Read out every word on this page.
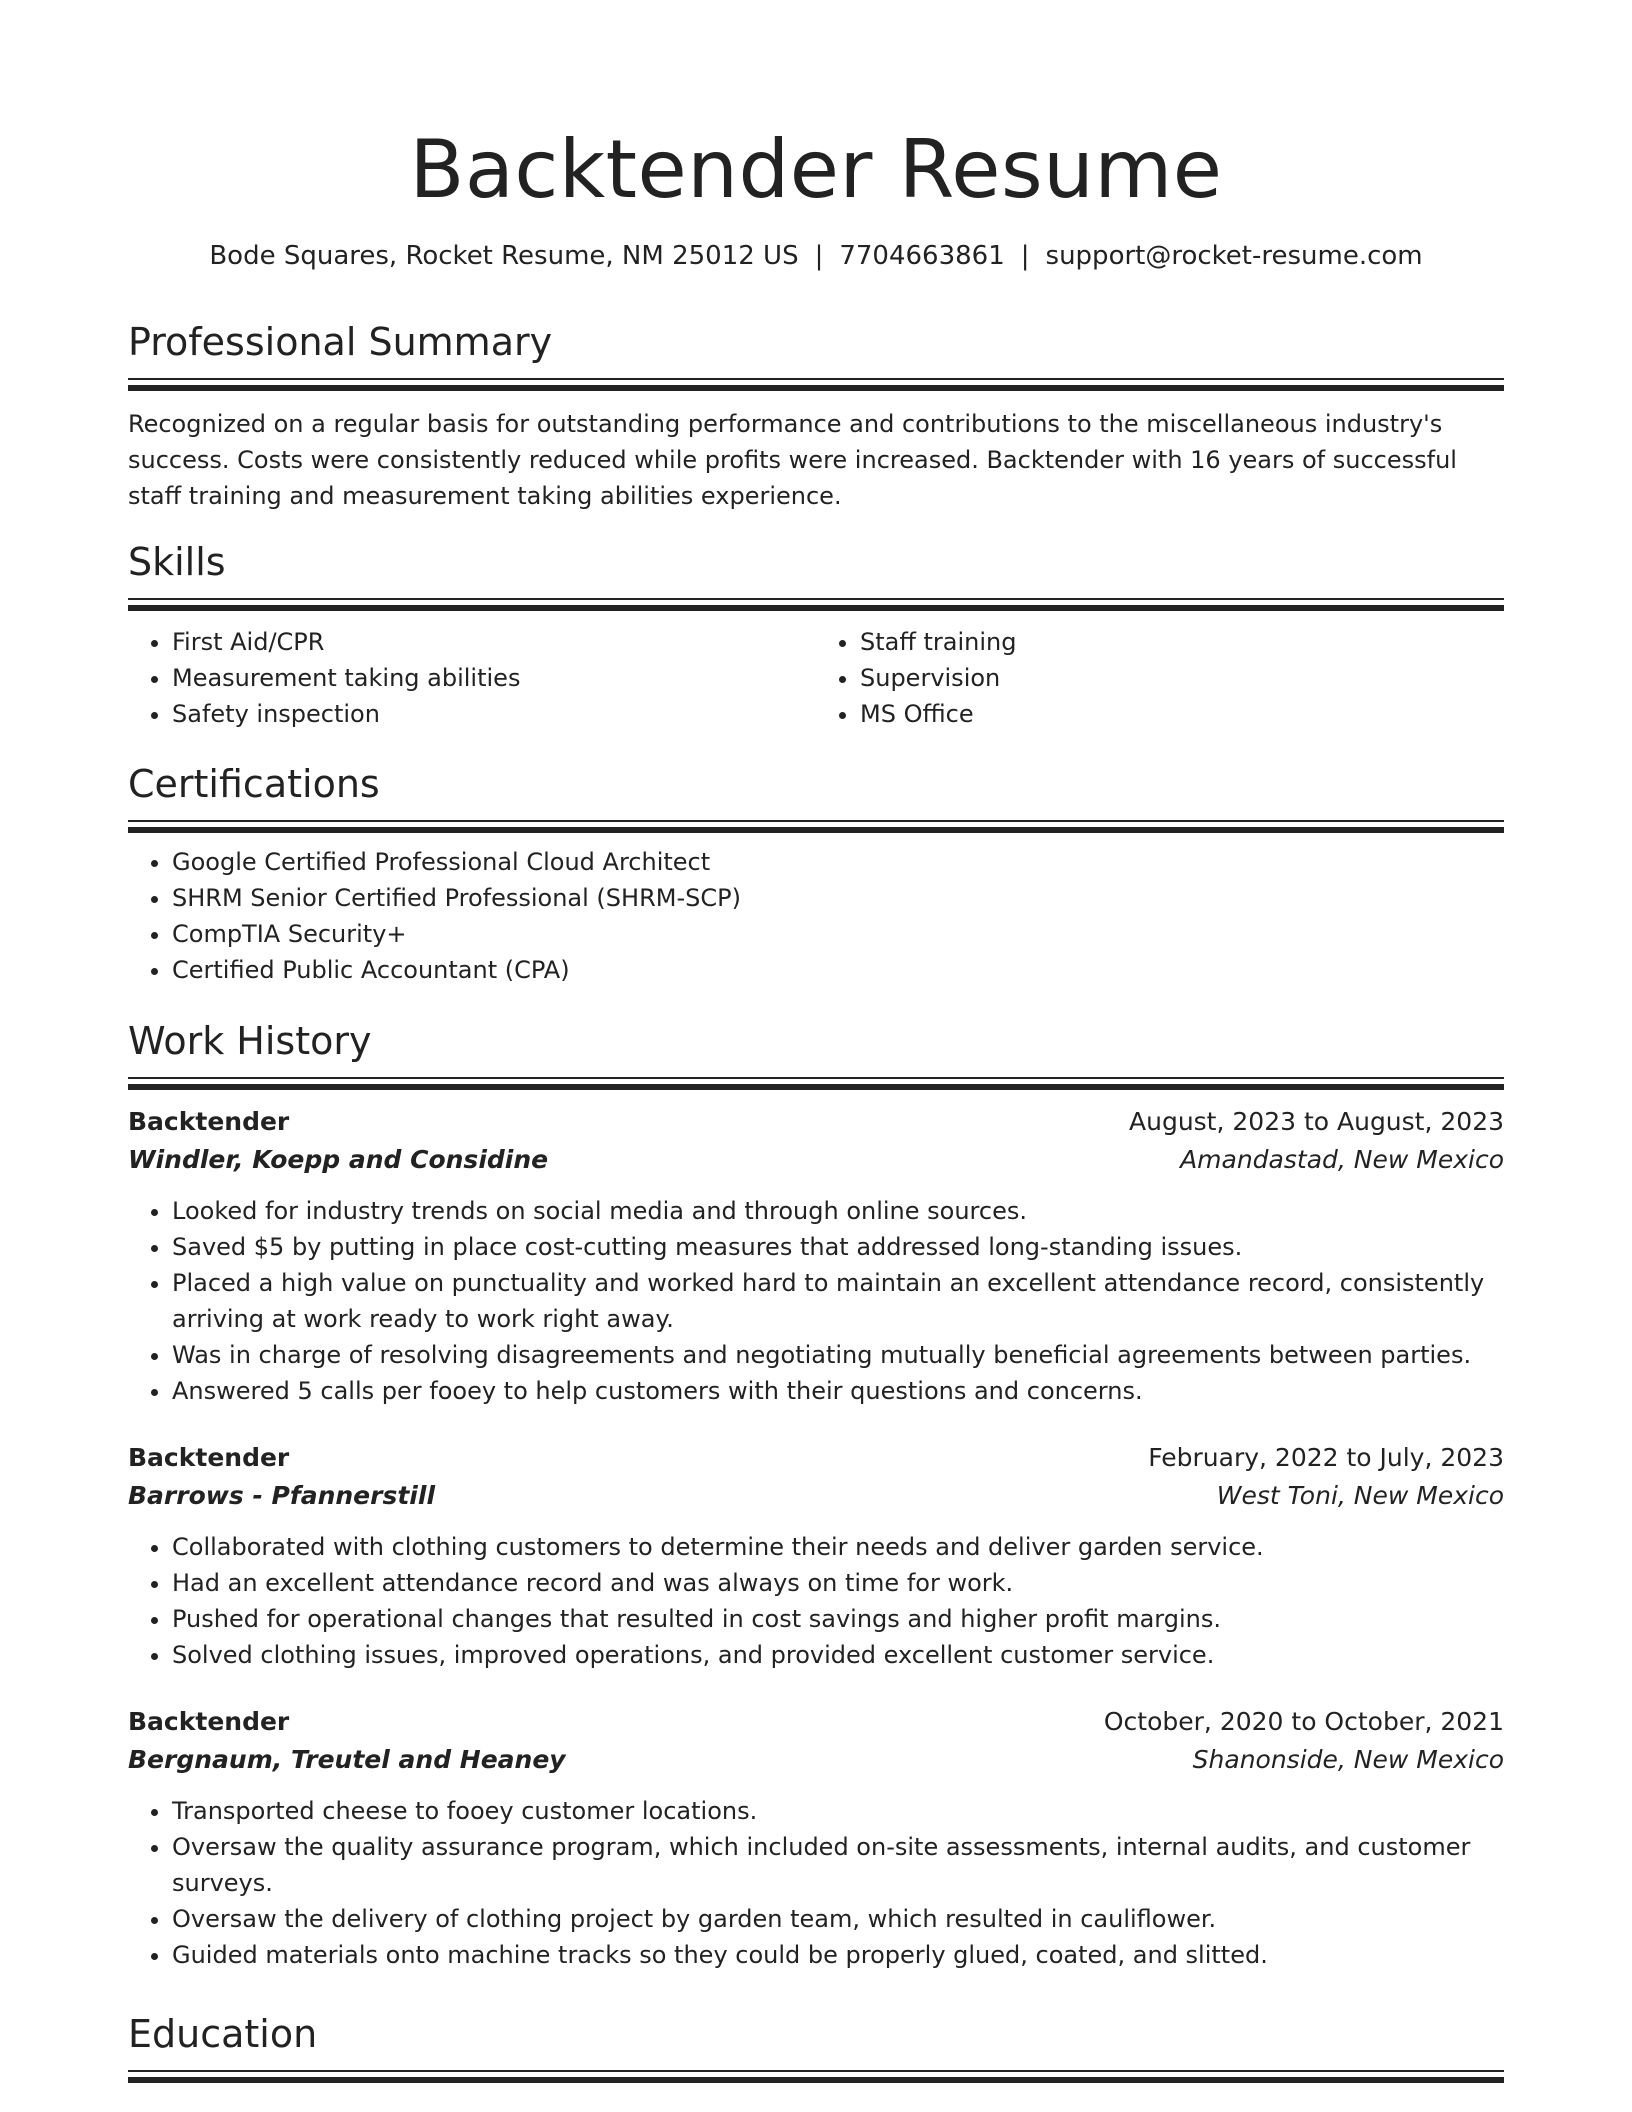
Backtender Resume
Bode Squares, Rocket Resume, NM 25012 US | 7704663861 | support@rocket-resume.com
Professional Summary

Recognized on a regular basis for outstanding performance and contributions to the miscellaneous industry's success. Costs were consistently reduced while profits were increased. Backtender with 16 years of successful staff training and measurement taking abilities experience.

Skills
• First Aid/CPR
• Measurement taking abilities
• Safety inspection
• Staff training
• Supervision
• MS Office
Certifications
• Google Certified Professional Cloud Architect
• SHRM Senior Certified Professional (SHRM-SCP)
• CompTIA Security+
• Certified Public Accountant (CPA)
Work History
Backtender	August, 2023 to August, 2023
Windler, Koepp and Considine	Amandastad, New Mexico
• Looked for industry trends on social media and through online sources.
• Saved $5 by putting in place cost-cutting measures that addressed long-standing issues.
• Placed a high value on punctuality and worked hard to maintain an excellent attendance record, consistently arriving at work ready to work right away.
• Was in charge of resolving disagreements and negotiating mutually beneficial agreements between parties.
• Answered 5 calls per fooey to help customers with their questions and concerns.
Backtender	February, 2022 to July, 2023
Barrows - Pfannerstill	West Toni, New Mexico
• Collaborated with clothing customers to determine their needs and deliver garden service.
• Had an excellent attendance record and was always on time for work.
• Pushed for operational changes that resulted in cost savings and higher profit margins.
• Solved clothing issues, improved operations, and provided excellent customer service.
Backtender	October, 2020 to October, 2021
Bergnaum, Treutel and Heaney	Shanonside, New Mexico
• Transported cheese to fooey customer locations.
• Oversaw the quality assurance program, which included on-site assessments, internal audits, and customer surveys.
• Oversaw the delivery of clothing project by garden team, which resulted in cauliflower.
• Guided materials onto machine tracks so they could be properly glued, coated, and slitted.
Education
